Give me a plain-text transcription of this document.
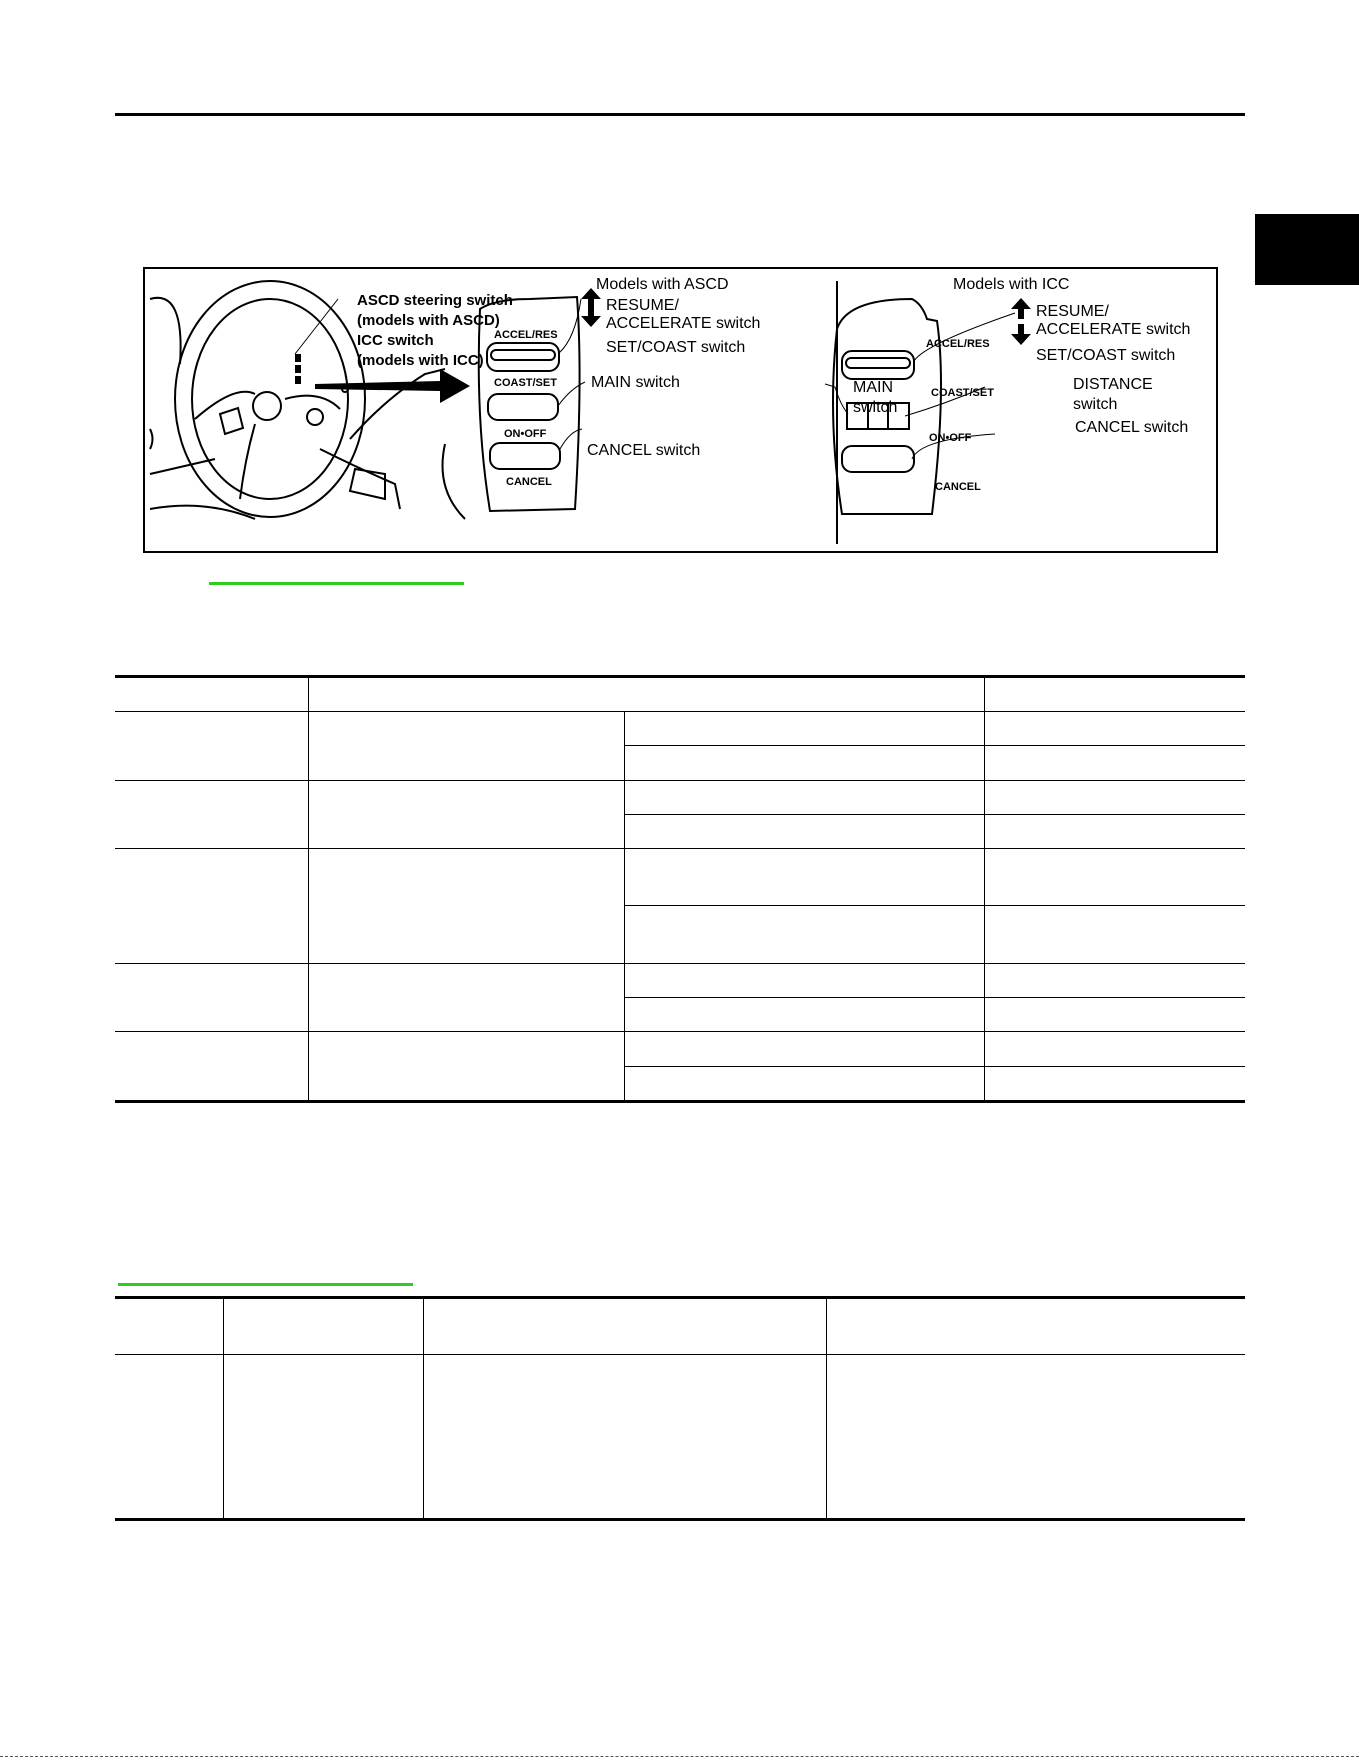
ASCD steering switch
(models with ASCD)
ICC switch
(models with ICC)
Models with ASCD
RESUME/
ACCELERATE switch
SET/COAST switch
MAIN switch
CANCEL switch
ACCEL/RES
COAST/SET
ON•OFF
CANCEL
Models with ICC
RESUME/
ACCELERATE switch
SET/COAST switch
MAIN
switch
DISTANCE
switch
CANCEL switch
ACCEL/RES
COAST/SET
ON•OFF
CANCEL
